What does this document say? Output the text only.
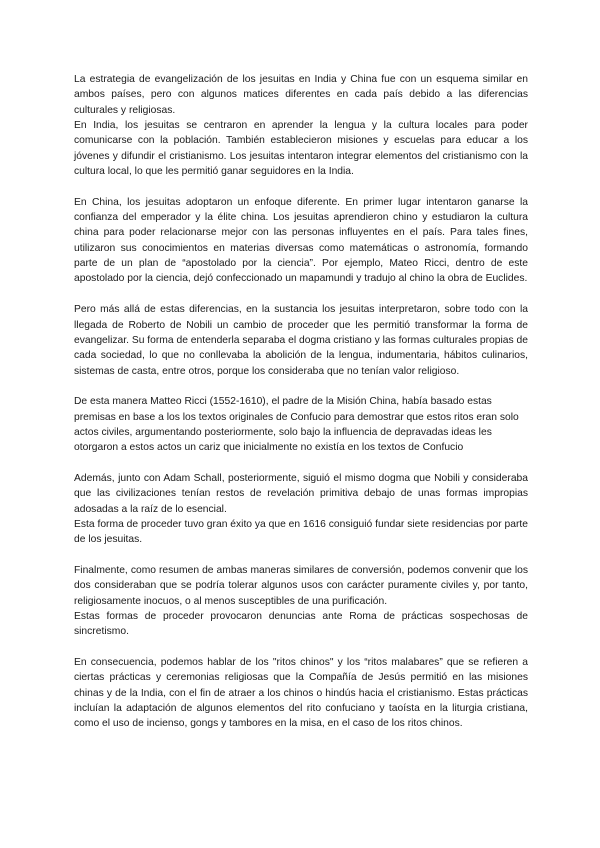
La estrategia de evangelización de los jesuitas en India y China fue con un esquema similar en ambos países, pero con algunos matices diferentes en cada país debido a las diferencias culturales y religiosas.

En India, los jesuitas se centraron en aprender la lengua y la cultura locales para poder comunicarse con la población. También establecieron misiones y escuelas para educar a los jóvenes y difundir el cristianismo. Los jesuitas intentaron integrar elementos del cristianismo con la cultura local, lo que les permitió ganar seguidores en la India.

En China, los jesuitas adoptaron un enfoque diferente. En primer lugar intentaron ganarse la confianza del emperador y la élite china. Los jesuitas aprendieron chino y estudiaron la cultura china para poder relacionarse mejor con las personas influyentes en el país. Para tales fines, utilizaron sus conocimientos en materias diversas como matemáticas o astronomía, formando parte de un plan de “apostolado por la ciencia”. Por ejemplo, Mateo Ricci, dentro de este apostolado por la ciencia, dejó confeccionado un mapamundi y tradujo al chino la obra de Euclides.

Pero más allá de estas diferencias, en la sustancia los jesuitas interpretaron, sobre todo con la llegada de Roberto de Nobili un cambio de proceder que les permitió transformar la forma de evangelizar. Su forma de entenderla separaba el dogma cristiano y las formas culturales propias de cada sociedad, lo que no conllevaba la abolición de la lengua, indumentaria, hábitos culinarios, sistemas de casta, entre otros, porque los consideraba que no tenían valor religioso.

De esta manera Matteo Ricci (1552-1610), el padre de la Misión China, había basado estas premisas en base a los los textos originales de Confucio para demostrar que estos ritos eran solo actos civiles, argumentando posteriormente, solo bajo la influencia de depravadas ideas les otorgaron a estos actos un cariz que inicialmente no existía en los textos de Confucio

Además, junto con Adam Schall, posteriormente, siguió el mismo dogma que Nobili y consideraba que las civilizaciones tenían restos de revelación primitiva debajo de unas formas impropias adosadas a la raíz de lo esencial.

Esta forma de proceder tuvo gran éxito ya que en 1616 consiguió fundar siete residencias por parte de los jesuitas.

Finalmente, como resumen de ambas maneras similares de conversión, podemos convenir que los dos consideraban que se podría tolerar algunos usos con carácter puramente civiles y, por tanto, religiosamente inocuos, o al menos susceptibles de una purificación.

Estas formas de proceder provocaron denuncias ante Roma de prácticas sospechosas de sincretismo.

En consecuencia, podemos hablar de los "ritos chinos" y los “ritos malabares” que se refieren a ciertas prácticas y ceremonias religiosas que la Compañía de Jesús permitió en las misiones chinas y de la India, con el fin de atraer a los chinos o hindús hacia el cristianismo. Estas prácticas incluían la adaptación de algunos elementos del rito confuciano y taoísta en la liturgia cristiana, como el uso de incienso, gongs y tambores en la misa, en el caso de los ritos chinos.
